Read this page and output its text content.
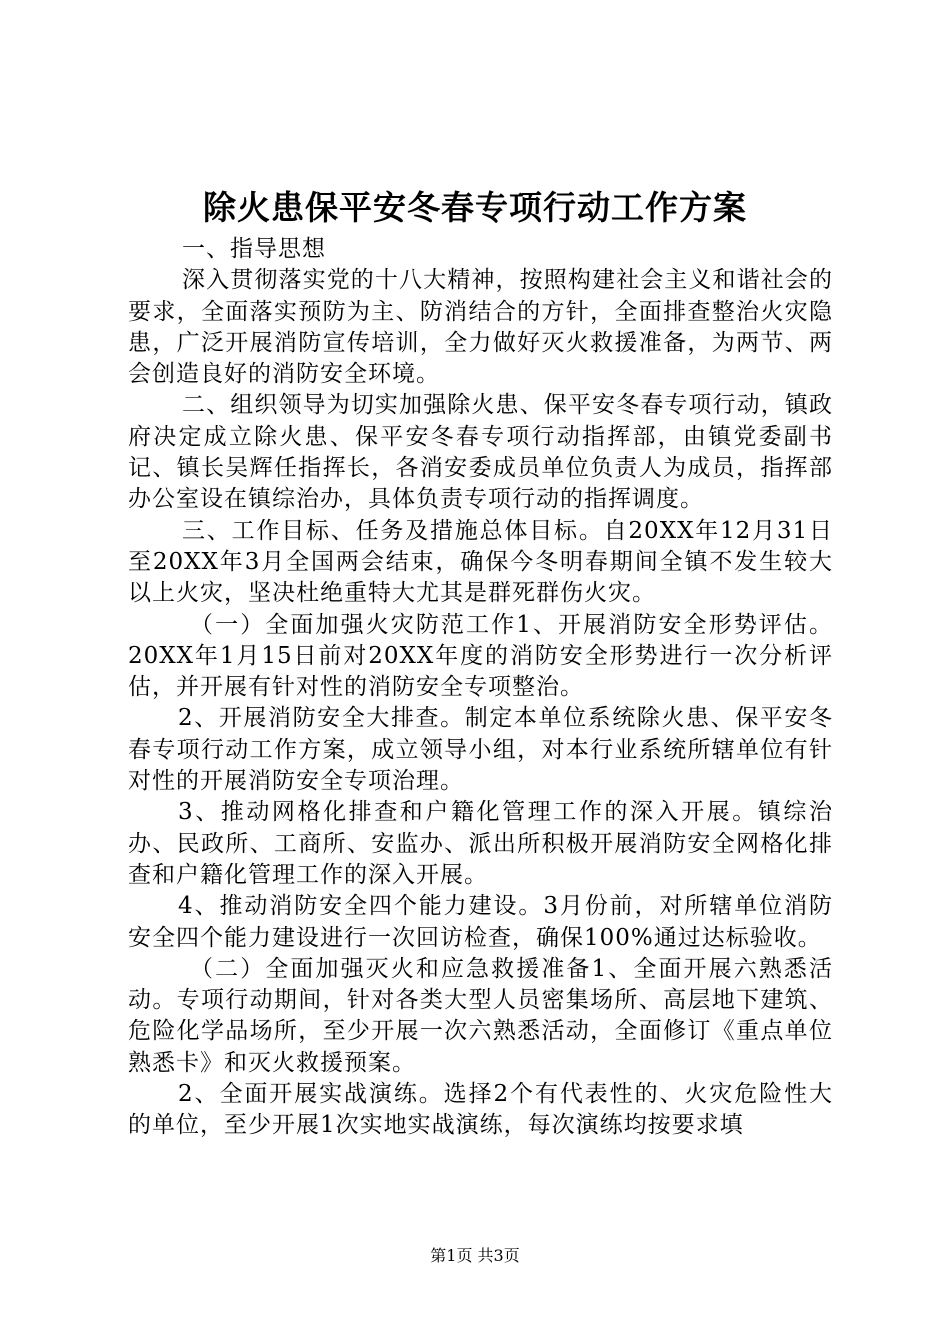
除火患保平安冬春专项行动工作方案

一、指导思想

深入贯彻落实党的十八大精神，按照构建社会主义和谐社会的要求，全面落实预防为主、防消结合的方针，全面排查整治火灾隐患，广泛开展消防宣传培训，全力做好灭火救援准备，为两节、两会创造良好的消防安全环境。

二、组织领导为切实加强除火患、保平安冬春专项行动，镇政府决定成立除火患、保平安冬春专项行动指挥部，由镇党委副书记、镇长吴辉任指挥长，各消安委成员单位负责人为成员，指挥部办公室设在镇综治办，具体负责专项行动的指挥调度。

三、工作目标、任务及措施总体目标。自20XX年12月31日至20XX年3月全国两会结束，确保今冬明春期间全镇不发生较大以上火灾，坚决杜绝重特大尤其是群死群伤火灾。

（一）全面加强火灾防范工作1、开展消防安全形势评估。20XX年1月15日前对20XX年度的消防安全形势进行一次分析评估，并开展有针对性的消防安全专项整治。

2、开展消防安全大排查。制定本单位系统除火患、保平安冬春专项行动工作方案，成立领导小组，对本行业系统所辖单位有针对性的开展消防安全专项治理。

3、推动网格化排查和户籍化管理工作的深入开展。镇综治办、民政所、工商所、安监办、派出所积极开展消防安全网格化排查和户籍化管理工作的深入开展。

4、推动消防安全四个能力建设。3月份前，对所辖单位消防安全四个能力建设进行一次回访检查，确保100%通过达标验收。

（二）全面加强灭火和应急救援准备1、全面开展六熟悉活动。专项行动期间，针对各类大型人员密集场所、高层地下建筑、危险化学品场所，至少开展一次六熟悉活动，全面修订《重点单位熟悉卡》和灭火救援预案。

2、全面开展实战演练。选择2个有代表性的、火灾危险性大的单位，至少开展1次实地实战演练，每次演练均按要求填

第1页 共3页
